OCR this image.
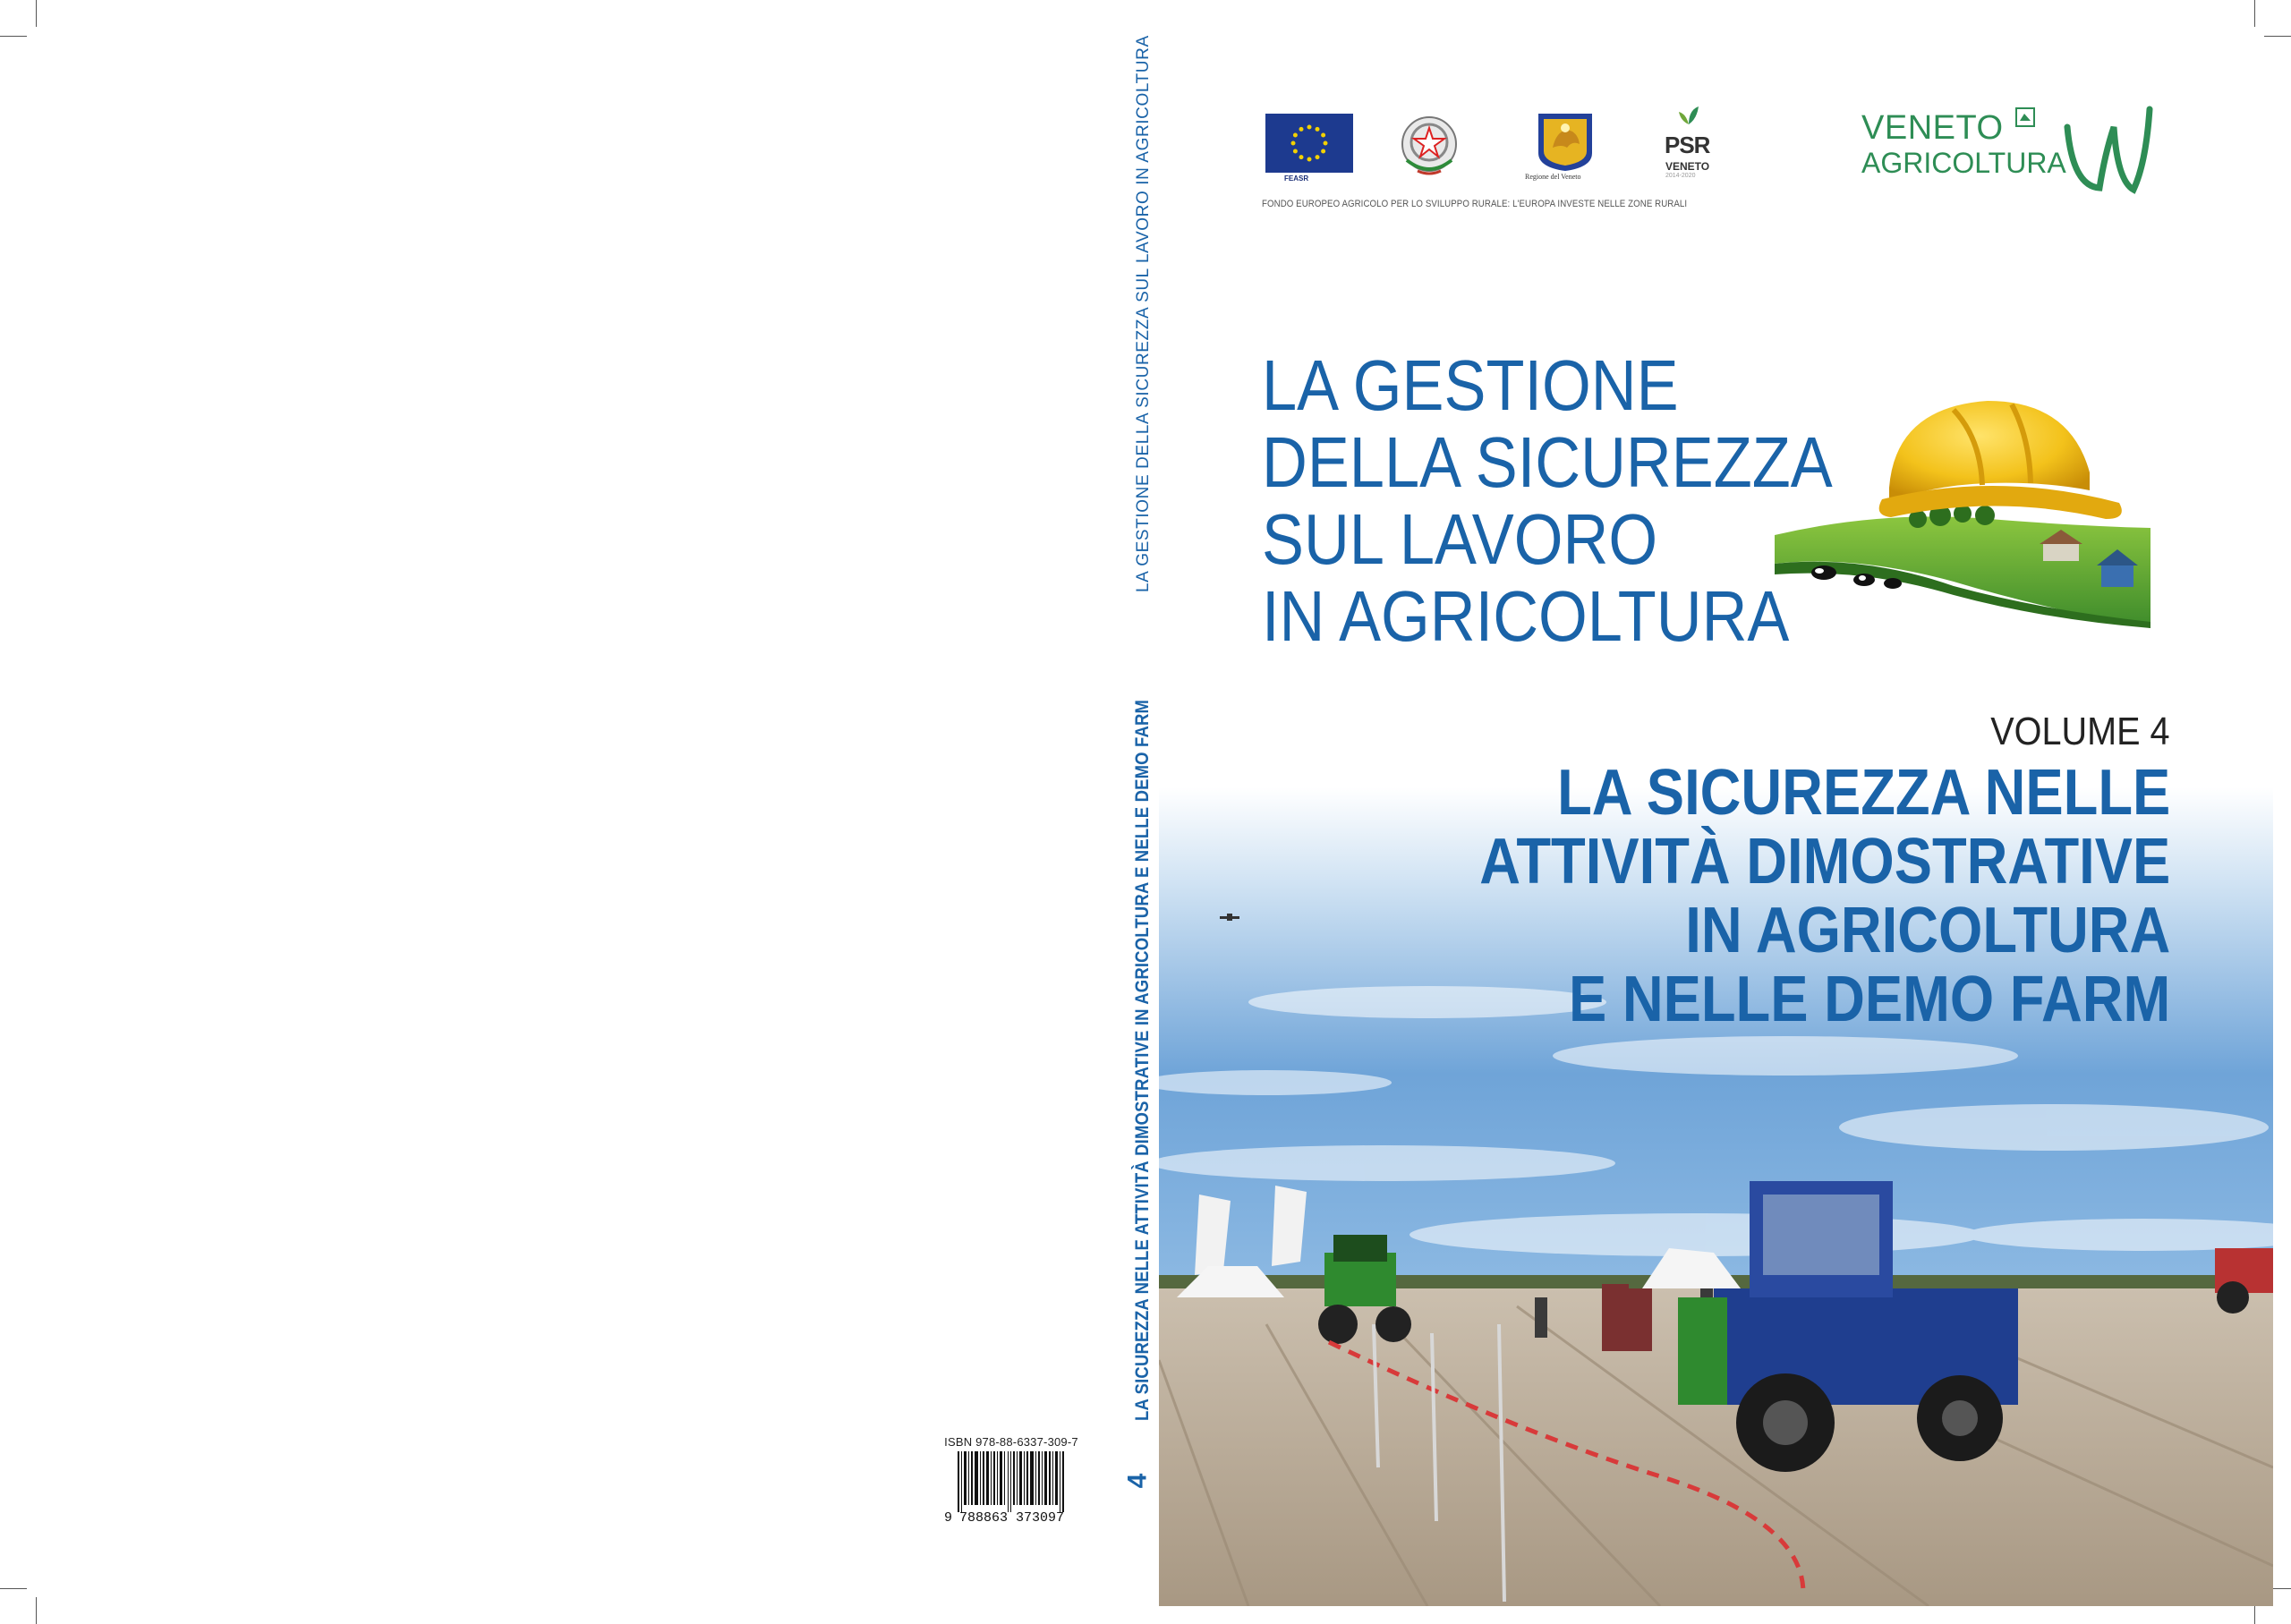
ISBN 978-88-6337-309-7
9 788863 373097
LA GESTIONE DELLA SICUREZZA SUL LAVORO IN AGRICOLTURA
LA SICUREZZA NELLE ATTIVITÀ DIMOSTRATIVE IN AGRICOLTURA E NELLE DEMO FARM
4
FEASR	Regione del Veneto
PSR
VENETO
2014-2020
FONDO EUROPEO AGRICOLO PER LO SVILUPPO RURALE: L'EUROPA INVESTE NELLE ZONE RURALI
VENETO
AGRICOLTURA
LA GESTIONE
DELLA SICUREZZA
SUL LAVORO
IN AGRICOLTURA
VOLUME 4
LA SICUREZZA NELLE
ATTIVITÀ DIMOSTRATIVE
IN AGRICOLTURA
E NELLE DEMO FARM
